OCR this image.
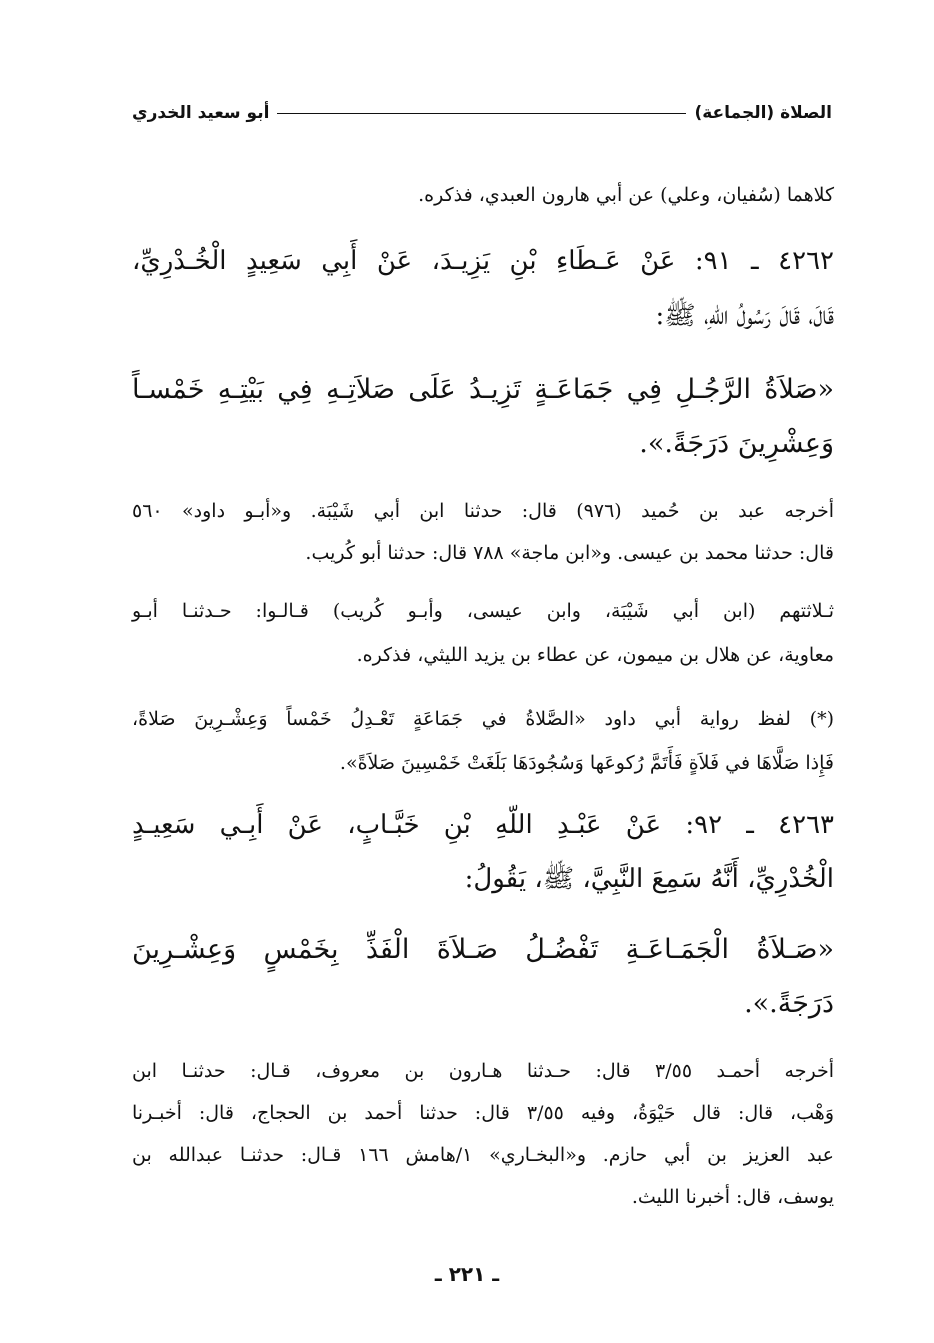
الصلاة (الجماعة)
أبو سعيد الخدري
كلاهما (سُفيان، وعلي) عن أبي هارون العبدي، فذكره.
٤٢٦٢ ـ ٩١: عَنْ عَـطَاءِ بْنِ يَزِيـدَ، عَنْ أَبِي سَعِيدٍ الْخُـدْرِيِّ،
قَالَ، قَالَ رَسُولُ اللّهِ، ﷺ:
«صَلاَةُ الرَّجُـلِ فِي جَمَاعَـةٍ تَزِيـدُ عَلَى صَلاَتِـهِ فِي بَيْتِـهِ خَمْسـاً
وَعِشْرِينَ دَرَجَةً.».
أخرجه عبد بن حُميد (٩٧٦) قال: حدثنا ابن أبي شَيْبَة. و«أبـو داود» ٥٦٠
قال: حدثنا محمد بن عيسى. و«ابن ماجة» ٧٨٨ قال: حدثنا أبو كُريب.
ثـلاثتهم (ابن أبي شَيْبَة، وابن عيسى، وأبـو كُريب) قـالـوا: حـدثنـا أبـو
معاوية، عن هلال بن ميمون، عن عطاء بن يزيد الليثي، فذكره.
(*) لفظ رواية أبي داود «الصَّلاةُ في جَمَاعَةٍ تَعْـدِلُ خَمْساً وَعِشْـرِينَ صَلاةً،
فَإِذا صَلَّاهَا في فَلاَةٍ فَأَتَمَّ رُكوعَها وَسُجُودَهَا بَلَغَتْ خَمْسِينَ صَلاَةً».
٤٢٦٣ ـ ٩٢: عَنْ عَبْـدِ اللّهِ بْنِ خَبَّـابٍ، عَنْ أَبِـي سَعِيـدٍ
الْخُدْرِيِّ، أَنَّهُ سَمِعَ النَّبِيَّ، ﷺ، يَقُولُ:
«صَـلاَةُ الْجَمَـاعَـةِ تَفْضُـلُ صَـلاَةَ الْفَذِّ بِخَمْسٍ وَعِشْـرِينَ
دَرَجَةً.».
أخرجه أحمـد ٣/٥٥ قال: حـدثنا هـارون بن معروف، قـال: حدثنـا ابن
وَهْب، قال: قال حَيْوَةُ، وفيه ٣/٥٥ قال: حدثنا أحمد بن الحجاج، قال: أخبـرنا
عبد العزيز بن أبي حازم. و«البخـاري» ١/هامش ١٦٦ قـال: حدثنـا عبدالله بن
يوسف، قال: أخبرنا الليث.
ـ ٢٢١ ـ
